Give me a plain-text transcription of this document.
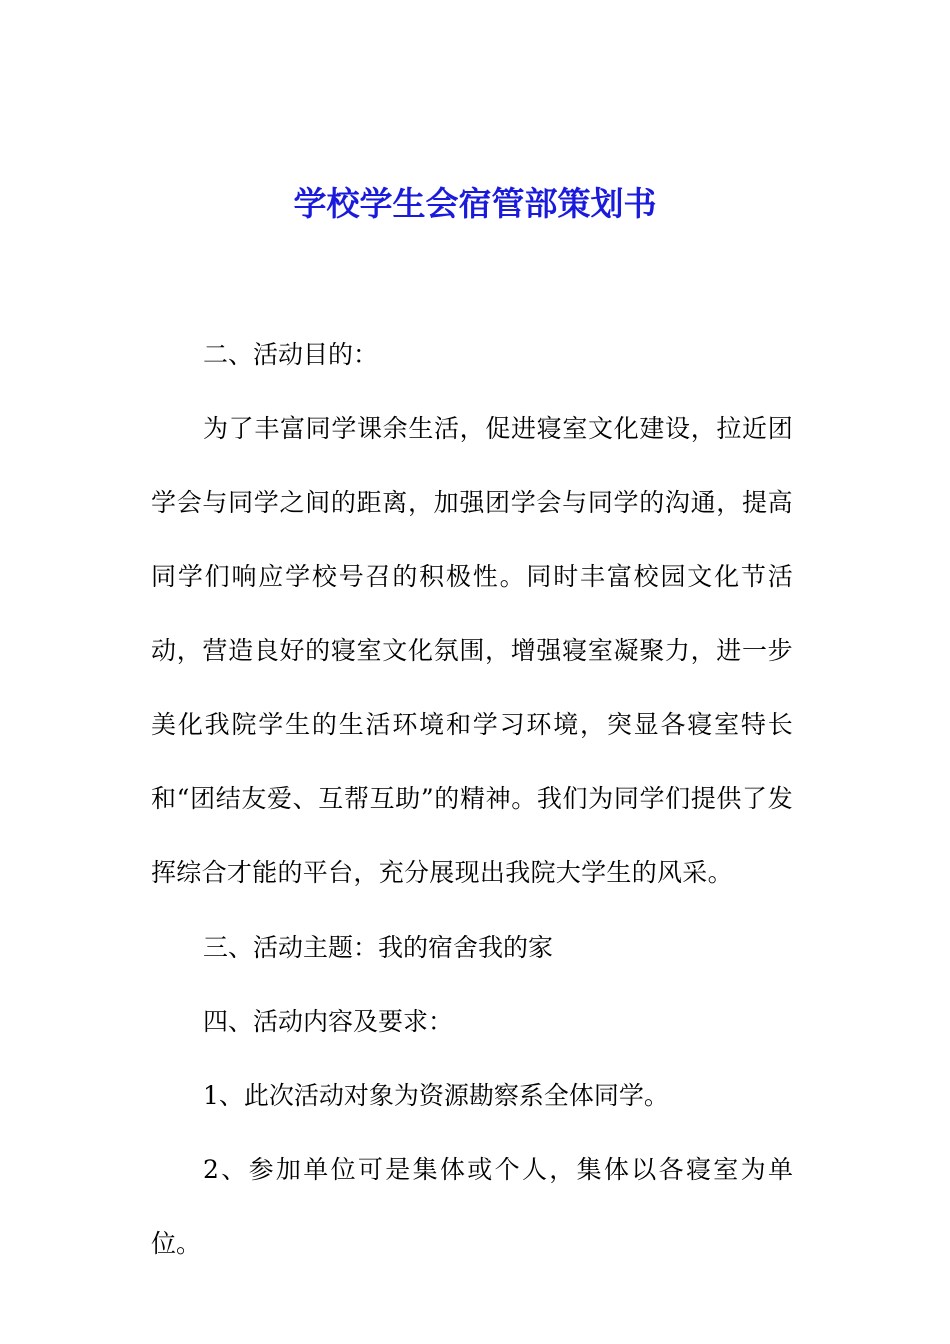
学校学生会宿管部策划书

二、活动目的：

为了丰富同学课余生活，促进寝室文化建设，拉近团学会与同学之间的距离，加强团学会与同学的沟通，提高同学们响应学校号召的积极性。同时丰富校园文化节活动，营造良好的寝室文化氛围，增强寝室凝聚力，进一步美化我院学生的生活环境和学习环境，突显各寝室特长和“团结友爱、互帮互助”的精神。我们为同学们提供了发挥综合才能的平台，充分展现出我院大学生的风采。

三、活动主题：我的宿舍我的家

四、活动内容及要求：

1、此次活动对象为资源勘察系全体同学。

2、参加单位可是集体或个人，集体以各寝室为单位。
